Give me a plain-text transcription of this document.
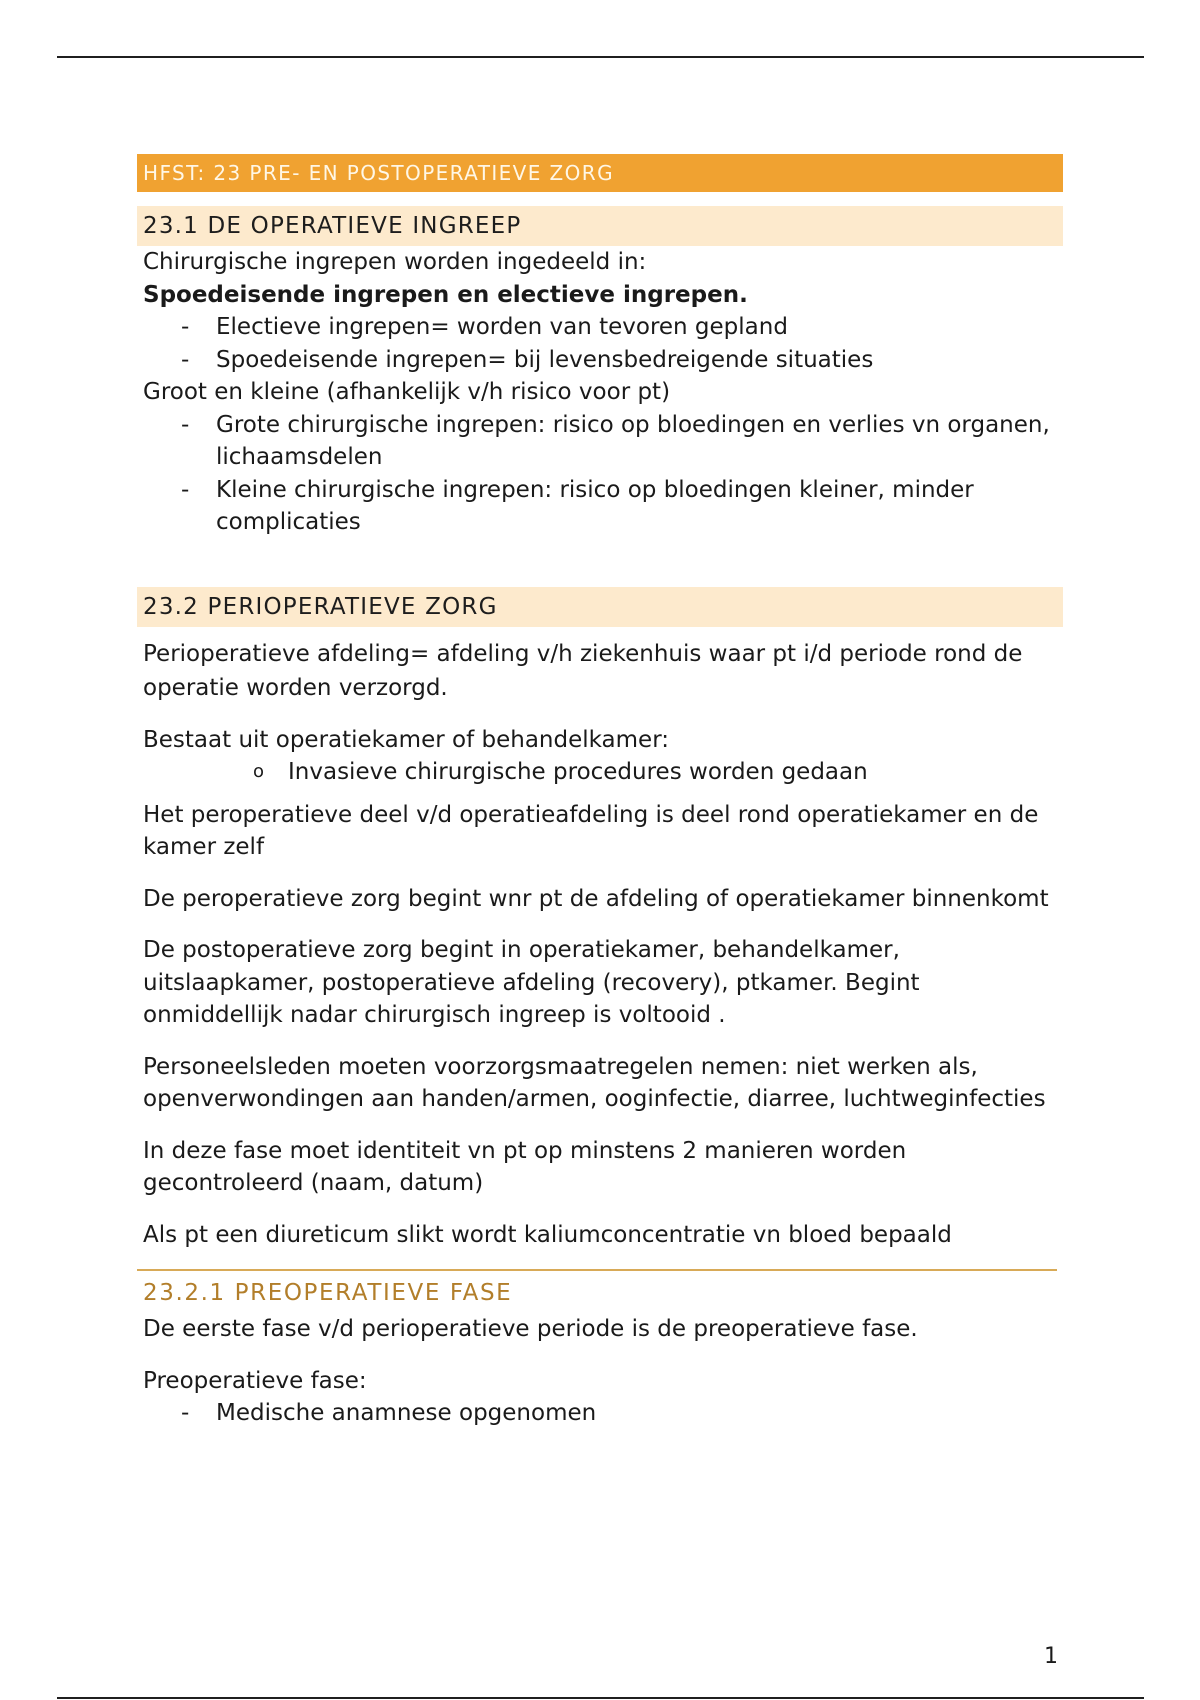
HFST: 23 PRE- EN POSTOPERATIEVE ZORG
23.1 DE OPERATIEVE INGREEP

Chirurgische ingrepen worden ingedeeld in:

Spoedeisende ingrepen en electieve ingrepen.

- Electieve ingrepen= worden van tevoren gepland
- Spoedeisende ingrepen= bij levensbedreigende situaties

Groot en kleine (afhankelijk v/h risico voor pt)

- Grote chirurgische ingrepen: risico op bloedingen en verlies vn organen, lichaamsdelen
- Kleine chirurgische ingrepen: risico op bloedingen kleiner, minder complicaties
23.2 PERIOPERATIEVE ZORG

Perioperatieve afdeling= afdeling v/h ziekenhuis waar pt i/d periode rond de operatie worden verzorgd.

Bestaat uit operatiekamer of behandelkamer:

o Invasieve chirurgische procedures worden gedaan

Het peroperatieve deel v/d operatieafdeling is deel rond operatiekamer en de kamer zelf

De peroperatieve zorg begint wnr pt de afdeling of operatiekamer binnenkomt

De postoperatieve zorg begint in operatiekamer, behandelkamer, uitslaapkamer, postoperatieve afdeling (recovery), ptkamer. Begint onmiddellijk nadar chirurgisch ingreep is voltooid .

Personeelsleden moeten voorzorgsmaatregelen nemen: niet werken als, openverwondingen aan handen/armen, ooginfectie, diarree, luchtweginfecties

In deze fase moet identiteit vn pt op minstens 2 manieren worden gecontroleerd (naam, datum)

Als pt een diureticum slikt wordt kaliumconcentratie vn bloed bepaald

23.2.1 PREOPERATIEVE FASE

De eerste fase v/d perioperatieve periode is de preoperatieve fase.

Preoperatieve fase:

- Medische anamnese opgenomen
1
